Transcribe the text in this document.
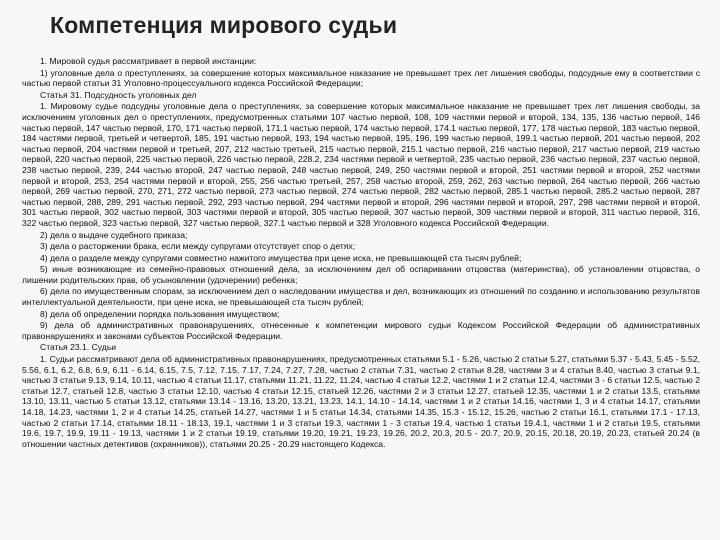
Компетенция мирового судьи

1. Мировой судья рассматривает в первой инстанции:

1) уголовные дела о преступлениях, за совершение которых максимальное наказание не превышает трех лет лишения свободы, подсудные ему в соответствии с частью первой статьи 31 Уголовно-процессуального кодекса Российской Федерации;

Статья 31. Подсудность уголовных дел

1. Мировому судье подсудны уголовные дела о преступлениях, за совершение которых максимальное наказание не превышает трех лет лишения свободы, за исключением уголовных дел о преступлениях, предусмотренных статьями 107 частью первой, 108, 109 частями первой и второй, 134, 135, 136 частью первой, 146 частью первой, 147 частью первой, 170, 171 частью первой, 171.1 частью первой, 174 частью первой, 174.1 частью первой, 177, 178 частью первой, 183 частью первой, 184 частями первой, третьей и четвертой, 185, 191 частью первой, 193, 194 частью первой, 195, 196, 199 частью первой, 199.1 частью первой, 201 частью первой, 202 частью первой, 204 частями первой и третьей, 207, 212 частью третьей, 215 частью первой, 215.1 частью первой, 216 частью первой, 217 частью первой, 219 частью первой, 220 частью первой, 225 частью первой, 226 частью первой, 228.2, 234 частями первой и четвертой, 235 частью первой, 236 частью первой, 237 частью первой, 238 частью первой, 239, 244 частью второй, 247 частью первой, 248 частью первой, 249, 250 частями первой и второй, 251 частями первой и второй, 252 частями первой и второй, 253, 254 частями первой и второй, 255, 256 частью третьей, 257, 258 частью второй, 259, 262, 263 частью первой, 264 частью первой, 266 частью первой, 269 частью первой, 270, 271, 272 частью первой, 273 частью первой, 274 частью первой, 282 частью первой, 285.1 частью первой, 285.2 частью первой, 287 частью первой, 288, 289, 291 частью первой, 292, 293 частью первой, 294 частями первой и второй, 296 частями первой и второй, 297, 298 частями первой и второй, 301 частью первой, 302 частью первой, 303 частями первой и второй, 305 частью первой, 307 частью первой, 309 частями первой и второй, 311 частью первой, 316, 322 частью первой, 323 частью первой, 327 частью первой, 327.1 частью первой и 328 Уголовного кодекса Российской Федерации.

2) дела о выдаче судебного приказа;

3) дела о расторжении брака, если между супругами отсутствует спор о детях;

4) дела о разделе между супругами совместно нажитого имущества при цене иска, не превышающей ста тысяч рублей;

5) иные возникающие из семейно-правовых отношений дела, за исключением дел об оспаривании отцовства (материнства), об установлении отцовства, о лишении родительских прав, об усыновлении (удочерении) ребенка;

6) дела по имущественным спорам, за исключением дел о наследовании имущества и дел, возникающих из отношений по созданию и использованию результатов интеллектуальной деятельности, при цене иска, не превышающей ста тысяч рублей;

8) дела об определении порядка пользования имуществом;

9) дела об административных правонарушениях, отнесенные к компетенции мирового судьи Кодексом Российской Федерации об административных правонарушениях и законами субъектов Российской Федерации.

Статья 23.1. Судьи

1. Судьи рассматривают дела об административных правонарушениях, предусмотренных статьями 5.1 - 5.26, частью 2 статьи 5.27, статьями 5.37 - 5.43, 5.45 - 5.52, 5.56, 6.1, 6.2, 6.8, 6.9, 6.11 - 6.14, 6.15, 7.5, 7.12, 7.15, 7.17, 7.24, 7.27, 7.28, частью 2 статьи 7.31, частью 2 статьи 8.28, частями 3 и 4 статьи 8.40, частью 3 статьи 9.1, частью 3 статьи 9.13, 9.14, 10.11, частью 4 статьи 11.17, статьями 11.21, 11.22, 11.24, частью 4 статьи 12.2, частями 1 и 2 статьи 12.4, частями 3 - 6 статьи 12.5, частью 2 статьи 12.7, статьей 12.8, частью 3 статьи 12.10, частью 4 статьи 12.15, статьей 12.26, частями 2 и 3 статьи 12.27, статьей 12.35, частями 1 и 2 статьи 13.5, статьями 13.10, 13.11, частью 5 статьи 13.12, статьями 13.14 - 13.16, 13.20, 13.21, 13.23, 14.1, 14.10 - 14.14, частями 1 и 2 статьи 14.16, частями 1, 3 и 4 статьи 14.17, статьями 14.18, 14.23, частями 1, 2 и 4 статьи 14.25, статьей 14.27, частями 1 и 5 статьи 14.34, статьями 14.35, 15.3 - 15.12, 15.26, частью 2 статьи 16.1, статьями 17.1 - 17.13, частью 2 статьи 17.14, статьями 18.11 - 18.13, 19.1, частями 1 и 3 статьи 19.3, частями 1 - 3 статьи 19.4, частью 1 статьи 19.4.1, частями 1 и 2 статьи 19.5, статьями 19.6, 19.7, 19.9, 19.11 - 19.13, частями 1 и 2 статьи 19.19, статьями 19.20, 19.21, 19.23, 19.26, 20.2, 20.3, 20.5 - 20.7, 20.9, 20.15, 20.18, 20.19, 20.23, статьей 20.24 (в отношении частных детективов (охранников)), статьями 20.25 - 20.29 настоящего Кодекса.
